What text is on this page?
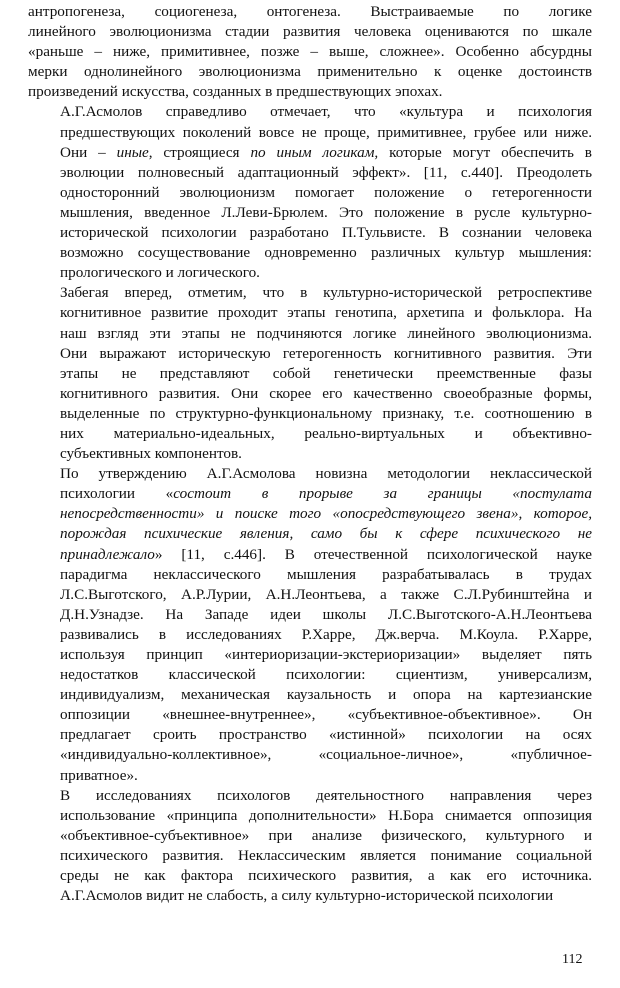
антропогенеза, социогенеза, онтогенеза. Выстраиваемые по логике
линейного эволюционизма стадии развития человека оцениваются по шкале
«раньше – ниже, примитивнее, позже – выше, сложнее». Особенно абсурдны
мерки однолинейного эволюционизма применительно к оценке достоинств
произведений искусства, созданных в предшествующих эпохах.
А.Г.Асмолов справедливо отмечает, что «культура и психология
предшествующих поколений вовсе не проще, примитивнее, грубее или ниже.
Они – иные, строящиеся по иным логикам, которые могут обеспечить в
эволюции полновесный адаптационный эффект». [11, с.440]. Преодолеть
односторонний эволюционизм помогает положение о гетерогенности
мышления, введенное Л.Леви-Брюлем. Это положение в русле культурно-
исторической психологии разработано П.Тульвисте. В сознании человека
возможно сосуществование одновременно различных культур мышления:
прологического и логического.
Забегая вперед, отметим, что в культурно-исторической ретроспективе
когнитивное развитие проходит этапы генотипа, архетипа и фольклора. На
наш взгляд эти этапы не подчиняются логике линейного эволюционизма.
Они выражают историческую гетерогенность когнитивного развития. Эти
этапы не представляют собой генетически преемственные фазы
когнитивного развития. Они скорее его качественно своеобразные формы,
выделенные по структурно-функциональному признаку, т.е. соотношению в
них материально-идеальных, реально-виртуальных и объективно-
субъективных компонентов.
По утверждению А.Г.Асмолова новизна методологии неклассической
психологии «состоит в прорыве за границы «постулата
непосредственности» и поиске того «опосредствующего звена», которое,
порождая психические явления, само бы к сфере психического не
принадлежало» [11, с.446]. В отечественной психологической науке
парадигма неклассического мышления разрабатывалась в трудах
Л.С.Выготского, А.Р.Лурии, А.Н.Леонтьева, а также С.Л.Рубинштейна и
Д.Н.Узнадзе. На Западе идеи школы Л.С.Выготского-А.Н.Леонтьева
развивались в исследованиях Р.Харре, Дж.верча. М.Коула. Р.Харре,
используя принцип «интериоризации-экстериоризации» выделяет пять
недостатков классической психологии: сциентизм, универсализм,
индивидуализм, механическая каузальность и опора на картезианские
оппозиции «внешнее-внутреннее», «субъективное-объективное». Он
предлагает сроить пространство «истинной» психологии на осях
«индивидуально-коллективное», «социальное-личное», «публичное-
приватное».
В исследованиях психологов деятельностного направления через
использование «принципа дополнительности» Н.Бора снимается оппозиция
«объективное-субъективное» при анализе физического, культурного и
психического развития. Неклассическим является понимание социальной
среды не как фактора психического развития, а как его источника.
А.Г.Асмолов видит не слабость, а силу культурно-исторической психологии
112
